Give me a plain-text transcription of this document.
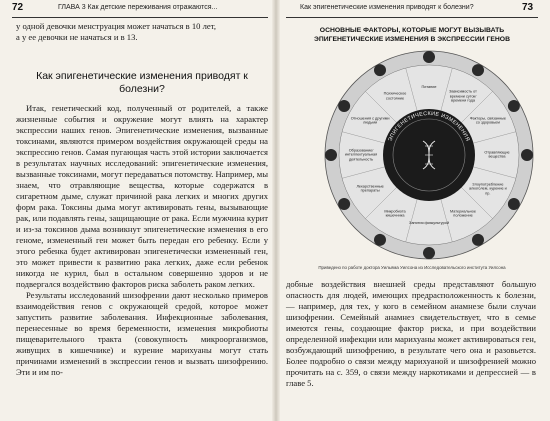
72	ГЛАВА 3 Как детские переживания отражаются...

у одной девочки менструация может начаться в 10 лет,

а у ее девочки не начаться и в 13.

Как эпигенетические изменения приводят к болезни?

Итак, генетический код, полученный от родителей, а также жизненные события и окружение могут влиять на характер экспрессии наших генов. Эпигенетические изменения, вызванные токсинами, являются примером воздействия окружающей среды на экспрессию генов. Самая пугающая часть этой истории заключается в результатах научных исследований: эпигенетические изменения, вызванные токсинами, могут передаваться потомству. Например, мы знаем, что отравляющие вещества, которые содержатся в сигаретном дыме, служат причиной рака легких и многих других форм рака. Токсины дыма могут активировать гены, вызывающие рак, или подавлять гены, защищающие от рака. Если мужчина курит и из-за токсинов дыма возникнут эпигенетические изменения в его геноме, измененный ген может быть передан его ребенку. Если у этого ребенка будет активирован эпигенетически измененный ген, это может привести к развитию рака легких, даже если ребенок никогда не курил, был в остальном совершенно здоров и не подвергался воздействию факторов риска заболеть раком легких.

Результаты исследований шизофрении дают несколько примеров взаимодействия генов с окружающей средой, которое может запустить развитие заболевания. Инфекционные заболевания, перенесенные во время беременности, изменения микробиоты пищеварительного тракта (совокупность микроорганизмов, живущих в кишечнике) и курение марихуаны могут стать причинами изменений в экспрессии генов и вызвать шизофрению. Эти и им по-

Как эпигенетические изменения приводят к болезни?	73
ОСНОВНЫЕ ФАКТОРЫ, КОТОРЫЕ МОГУТ ВЫЗЫВАТЬ ЭПИГЕНЕТИЧЕСКИЕ ИЗМЕНЕНИЯ В ЭКСПРЕССИИ ГЕНОВ
ЭПИГЕНЕТИЧЕСКИЕ ИЗМЕНЕНИЯ
Питание
Зависимость от времени суток/ времени года
Факторы, связанные со здоровьем
Отравляющие вещества
Злоупотребление алкоголем, курение и пр.
Материальное положение
Занятия физкультурой
Микробиота кишечника
Лекарственные препараты
Образование/ интеллектуальная деятельность
Отношения с другими людьми
Психическое состояние
Приведено по работе доктора Уильяма Уилсона из Исследовательского института Уилсона

добные воздействия внешней среды представляют большую опасность для людей, имеющих предрасположенность к болезни, — например, для тех, у кого в семейном анамнезе были случаи шизофрении. Семейный анамнез свидетельствует, что в семье имеются гены, создающие фактор риска, и при воздействии определенной инфекции или марихуаны может активироваться ген, возбуждающий шизофрению, в результате чего она и разовьется. Более подробно о связи между марихуаной и шизофренией можно прочитать на с. 359, о связи между наркотиками и депрессией — в главе 5.
